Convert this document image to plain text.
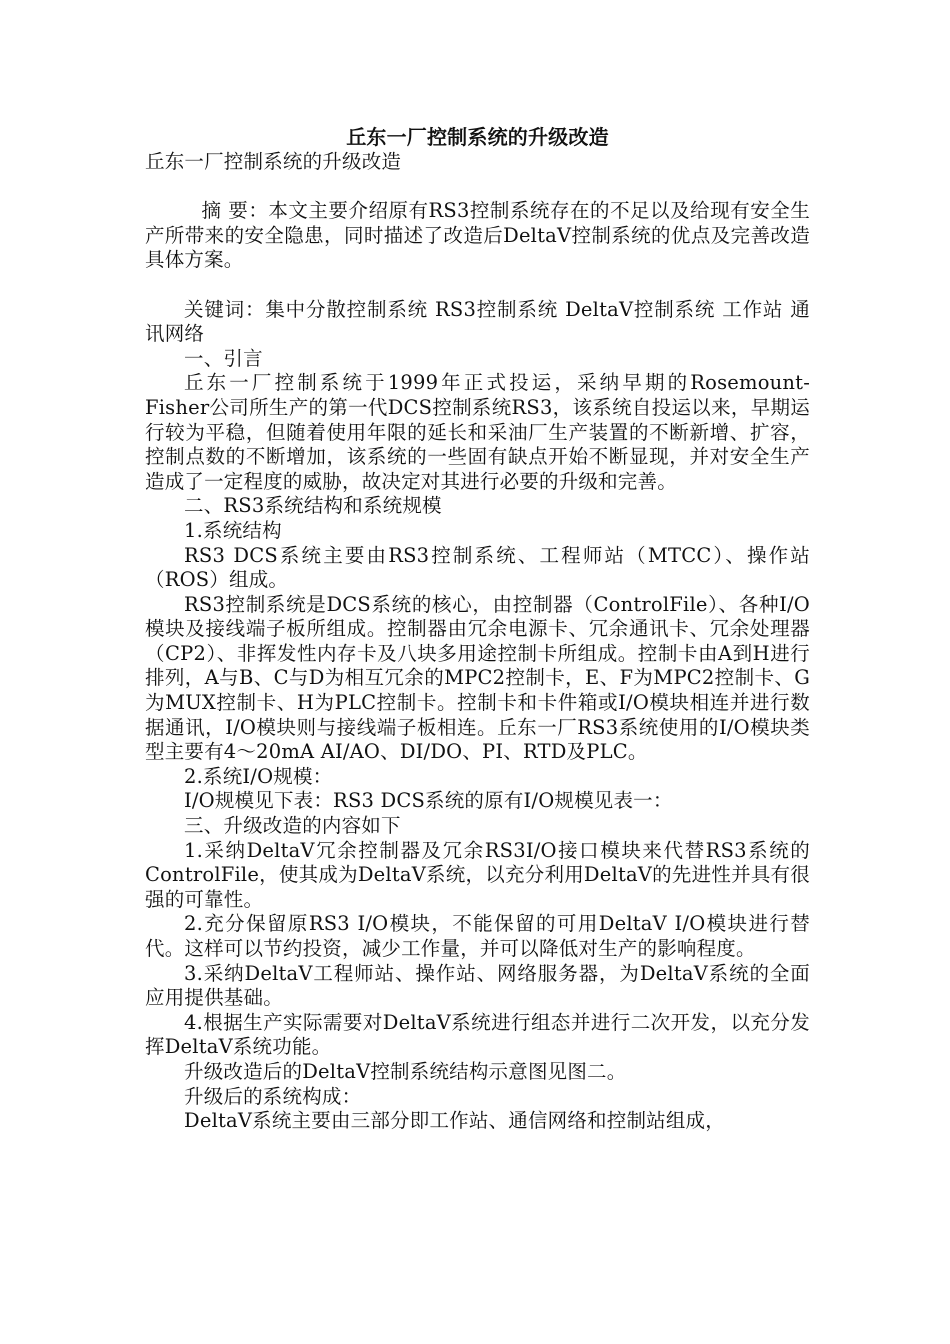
丘东一厂控制系统的升级改造
丘东一厂控制系统的升级改造

摘 要：本文主要介绍原有RS3控制系统存在的不足以及给现有安全生产所带来的安全隐患，同时描述了改造后DeltaV控制系统的优点及完善改造具体方案。

关键词：集中分散控制系统 RS3控制系统 DeltaV控制系统 工作站 通讯网络

一、引言

丘东一厂控制系统于1999年正式投运，采纳早期的Rosemount-Fisher公司所生产的第一代DCS控制系统RS3，该系统自投运以来，早期运行较为平稳，但随着使用年限的延长和采油厂生产装置的不断新增、扩容，控制点数的不断增加，该系统的一些固有缺点开始不断显现，并对安全生产造成了一定程度的威胁，故决定对其进行必要的升级和完善。

二、RS3系统结构和系统规模

1.系统结构

RS3 DCS系统主要由RS3控制系统、工程师站（MTCC）、操作站（ROS）组成。

RS3控制系统是DCS系统的核心，由控制器（ControlFile）、各种I/O模块及接线端子板所组成。控制器由冗余电源卡、冗余通讯卡、冗余处理器（CP2）、非挥发性内存卡及八块多用途控制卡所组成。控制卡由A到H进行排列，A与B、C与D为相互冗余的MPC2控制卡，E、F为MPC2控制卡、G为MUX控制卡、H为PLC控制卡。控制卡和卡件箱或I/O模块相连并进行数据通讯，I/O模块则与接线端子板相连。丘东一厂RS3系统使用的I/O模块类型主要有4～20mA AI/AO、DI/DO、PI、RTD及PLC。

2.系统I/O规模：

I/O规模见下表：RS3 DCS系统的原有I/O规模见表一：

三、升级改造的内容如下

1.采纳DeltaV冗余控制器及冗余RS3I/O接口模块来代替RS3系统的ControlFile，使其成为DeltaV系统，以充分利用DeltaV的先进性并具有很强的可靠性。

2.充分保留原RS3 I/O模块，不能保留的可用DeltaV I/O模块进行替代。这样可以节约投资，减少工作量，并可以降低对生产的影响程度。

3.采纳DeltaV工程师站、操作站、网络服务器，为DeltaV系统的全面应用提供基础。

4.根据生产实际需要对DeltaV系统进行组态并进行二次开发，以充分发挥DeltaV系统功能。

升级改造后的DeltaV控制系统结构示意图见图二。

升级后的系统构成：

DeltaV系统主要由三部分即工作站、通信网络和控制站组成，
